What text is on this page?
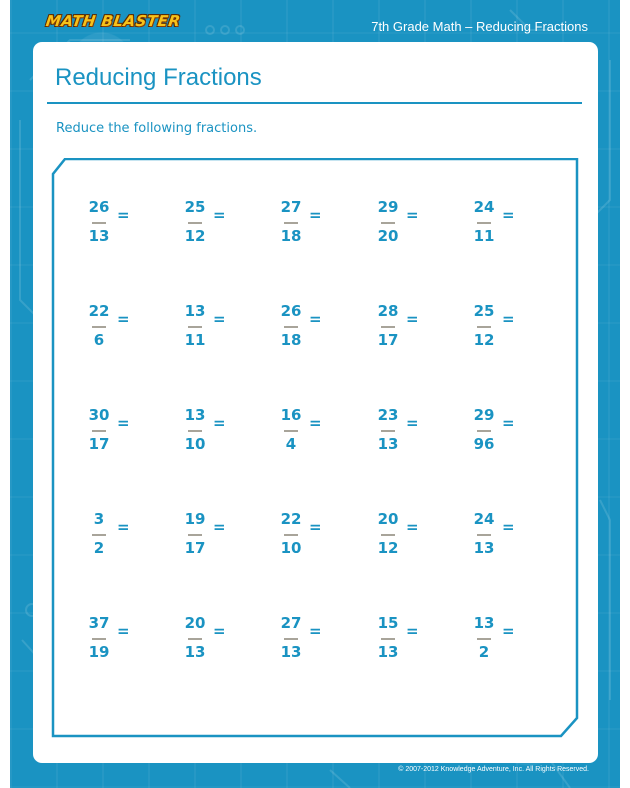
MATH BLASTER	7th Grade Math – Reducing Fractions
© 2007-2012 Knowledge Adventure, Inc. All Rights Reserved.
Reducing Fractions
Reduce the following fractions.
26
13
=	25
12
=	27
18
=	29
20
=	24
11
=
22
6
=	13
11
=	26
18
=	28
17
=	25
12
=
30
17
=	13
10
=	16
4
=	23
13
=	29
96
=
3
2
=	19
17
=	22
10
=	20
12
=	24
13
=
37
19
=	20
13
=	27
13
=	15
13
=	13
2
=
